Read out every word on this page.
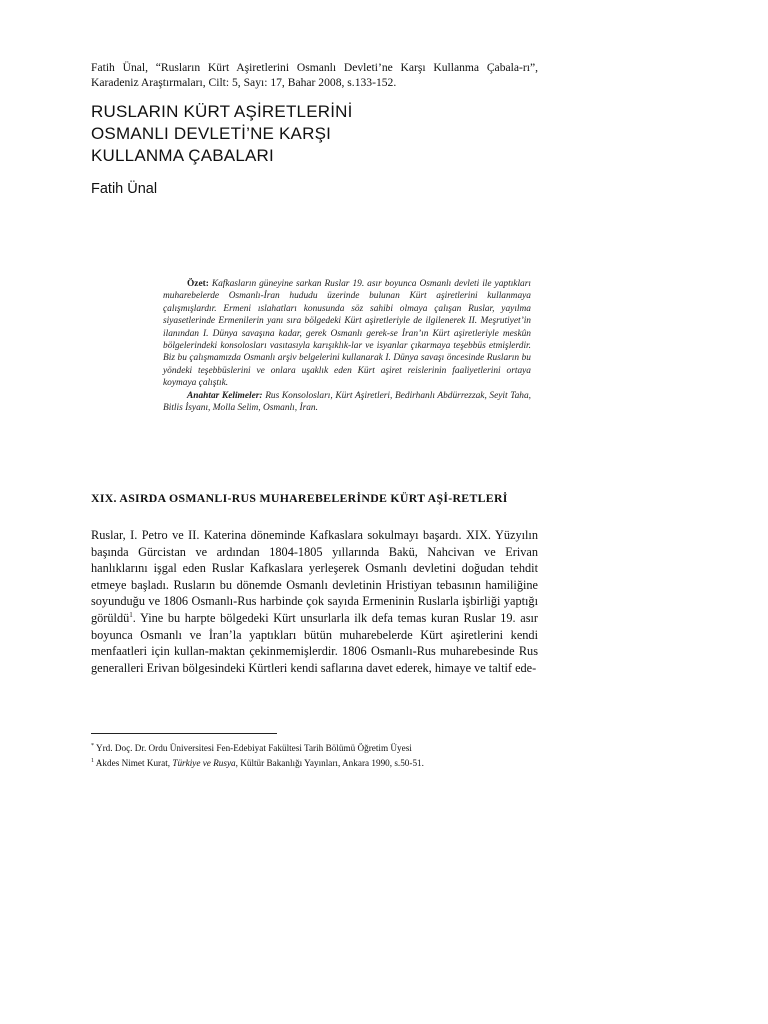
Fatih Ünal, “Rusların Kürt Aşiretlerini Osmanlı Devleti’ne Karşı Kullanma Çabala-rı”, Karadeniz Araştırmaları, Cilt: 5, Sayı: 17, Bahar 2008, s.133-152.
RUSLARIN KÜRT AŞİRETLERİNİ
OSMANLI DEVLETİ’NE KARŞI
KULLANMA ÇABALARI
Fatih Ünal

Özet: Kafkasların güneyine sarkan Ruslar 19. asır boyunca Osmanlı devleti ile yaptıkları muharebelerde Osmanlı-İran hududu üzerinde bulunan Kürt aşiretlerini kullanmaya çalışmışlardır. Ermeni ıslahatları konusunda söz sahibi olmaya çalışan Ruslar, yayılma siyasetlerinde Ermenilerin yanı sıra bölgedeki Kürt aşiretleriyle de ilgilenerek II. Meşrutiyet’in ilanından I. Dünya savaşına kadar, gerek Osmanlı gerek-se İran’ın Kürt aşiretleriyle meskûn bölgelerindeki konsolosları vasıtasıyla karışıklık-lar ve isyanlar çıkarmaya teşebbüs etmişlerdir. Biz bu çalışmamızda Osmanlı arşiv belgelerini kullanarak I. Dünya savaşı öncesinde Rusların bu yöndeki teşebbüslerini ve onlara uşaklık eden Kürt aşiret reislerinin faaliyetlerini ortaya koymaya çalıştık.

Anahtar Kelimeler: Rus Konsolosları, Kürt Aşiretleri, Bedirhanlı Abdürrezzak, Seyit Taha, Bitlis İsyanı, Molla Selim, Osmanlı, İran.

XIX. ASIRDA OSMANLI-RUS MUHAREBELERİNDE KÜRT AŞİ-RETLERİ

Ruslar, I. Petro ve II. Katerina döneminde Kafkaslara sokulmayı başardı. XIX. Yüzyılın başında Gürcistan ve ardından 1804-1805 yıllarında Bakü, Nahcivan ve Erivan hanlıklarını işgal eden Ruslar Kafkaslara yerleşerek Osmanlı devletini doğudan tehdit etmeye başladı. Rusların bu dönemde Osmanlı devletinin Hristiyan tebasının hamiliğine soyunduğu ve 1806 Osmanlı-Rus harbinde çok sayıda Ermeninin Ruslarla işbirliği yaptığı görüldü$^1$. Yine bu harpte bölgedeki Kürt unsurlarla ilk defa temas kuran Ruslar 19. asır boyunca Osmanlı ve İran’la yaptıkları bütün muharebelerde Kürt aşiretlerini kendi menfaatleri için kullan-maktan çekinmemişlerdir. 1806 Osmanlı-Rus muharebesinde Rus generalleri Erivan bölgesindeki Kürtleri kendi saflarına davet ederek, himaye ve taltif ede-

* Yrd. Doç. Dr. Ordu Üniversitesi Fen-Edebiyat Fakültesi Tarih Bölümü Öğretim Üyesi

$^1$ Akdes Nimet Kurat, Türkiye ve Rusya, Kültür Bakanlığı Yayınları, Ankara 1990, s.50-51.
